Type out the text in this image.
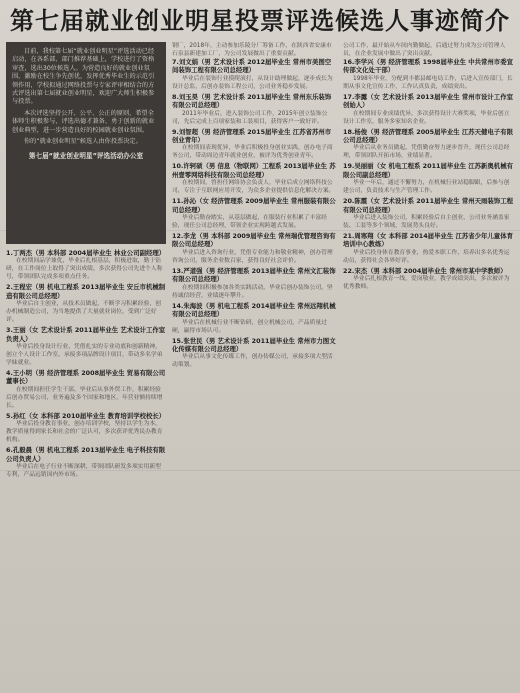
第七届就业创业明星投票评选候选人事迹简介

目前，我校第七届“就业创业明星”评选活动已经启动，在各系部、部门推荐基础上，学校进行了资格审查，选出30位候选人。为营造良好的就业创业氛围，激励在校生争先创优，发挥优秀毕业生的示范引领作用，学校拟通过网络投票与专家评审相结合的方式评选出第七届就业创业明星，欢迎广大师生积极参与投票。

本次评选坚持公开、公平、公正的原则，希望全体师生积极参与，评选出德才兼备、勇于创新的就业创业典型，进一步营造良好的校园就业创业氛围。

你的“就业创业明星”候选人由你投票决定。

第七届“就业创业明星”评选活动办公室
1.丁两杰（男 本科部 2004届毕业生 林业公司副经理）
在校期间品学兼优，毕业后扎根基层，积极进取，勤于钻研，在工作岗位上取得了突出成绩，多次获得公司先进个人称号，带领团队完成多项重点任务。
2.王程宏（男 机电工程系 2013届毕业生 安丘市机械制造有限公司总经理）
毕业后自主创业，从技术员做起，不断学习积累经验，创办机械制造公司，为当地提供了大量就业岗位，受到广泛好评。
3.王丽（女 艺术设计系 2011届毕业生 艺术设计工作室负责人）
毕业后投身设计行业，凭借扎实的专业功底和创新精神，创立个人设计工作室，承接多项品牌设计项目，带动多名学弟学妹就业。
4.王小明（男 经济管理系 2008届毕业生 贸易有限公司董事长）
在校期间担任学生干部，毕业后从事外贸工作，积累经验后创办贸易公司，业务遍及多个国家和地区，年营业额持续增长。
5.孙红（女 本科部 2010届毕业生 教育培训学校校长）
毕业后投身教育事业，创办培训学校，坚持以学生为本，教学质量得到家长和社会的广泛认可，多次获评优秀民办教育机构。
6.孔毅晨（男 机电工程系 2013届毕业生 电子科技有限公司负责人）
毕业后在电子行业不断深耕，带领团队研发多项实用新型专利，产品远销国内外市场。
钢厂，2018年，主动参加乐陵分厂筹备工作，在陕西省安康市石泉县新建加工厂，为公司发展做出了重要贡献。
7.刘文娟（男 艺术设计系 2012届毕业生 常州市美图空间装饰工程有限公司总经理）
毕业后在装饰行业摸爬滚打，从设计助理做起，逐步成长为设计总监，后创办装饰工程公司，公司业务稳步发展。
8.刘玉昊（男 艺术设计系 2011届毕业生 常州东乐装饰有限公司总经理）
2011年毕业后，进入装饰公司工作，2015年创立装饰公司，先后完成上百项家装和工装项目，获得客户一致好评。
9.刘智超（男 经济管理系 2015届毕业生 江苏省苏州市创业青年）
在校期间表现优异，毕业后积极投身创业实践，创办电子商务公司，带动周边青年就业创业，被评为优秀创业青年。
10.许轲硕（男 信息（物联网）工程系 2013届毕业生 苏州壹零网络科技有限公司总经理）
在校期间，曾担任网络协会负责人，毕业后成立网络科技公司，专注于互联网应用开发，为众多企业提供信息化解决方案。
11.孙沁（女 经济管理系 2009届毕业生 常州服装有限公司总经理）
毕业后勤奋踏实，从基层做起，在服装行业积累了丰富经验，现任公司总经理，带领企业实现跨越式发展。
12.李龙（男 本科部 2009届毕业生 常州瑞优管理咨询有限公司总经理）
毕业后进入咨询行业，凭借专业能力和敬业精神，创办管理咨询公司，服务企业数百家，获得良好社会评价。
13.严道强（男 经济管理系 2013届毕业生 常州文汇装饰有限公司总经理）
在校期间积极参加各类实践活动，毕业后创办装饰公司，坚持诚信经营，业绩逐年攀升。
14.朱海波（男 机电工程系 2014届毕业生 常州远翔机械有限公司总经理）
毕业后在机械行业不断钻研，创立机械公司，产品质量过硬，赢得市场认可。
15.张世民（男 艺术设计系 2011届毕业生 常州市力图文化传媒有限公司总经理）
毕业后从事文化传媒工作，创办传媒公司，承接多项大型活动策划。
公司工作，最开始从车间内勤做起，后通过努力成为公司管理人员，在企业发展中做出了突出贡献。
16.李学兴（男 经济管理系 1998届毕业生 中共常州市委宣传部文化处干部）
1998年毕业，分配到丰都县邮电局工作，后进入宣传部门，长期从事文化宣传工作，工作认真负责，成绩突出。
17.李露（女 艺术设计系 2013届毕业生 常州市设计工作室创始人）
在校期间专业成绩优异，多次获得设计大赛奖项，毕业后创立设计工作室，服务多家知名企业。
18.杨俊（男 经济管理系 2005届毕业生 江苏天健电子有限公司总经理）
毕业后从业务员做起，凭借勤奋努力逐步晋升，现任公司总经理，带领团队开拓市场，业绩显著。
19.吴丽丽（女 机电工程系 2011届毕业生 江苏新奥机械有限公司副总经理）
毕业一年后，通过不懈努力，在机械行业站稳脚跟，后参与创建公司，负责技术与生产管理工作。
20.陈霞（女 艺术设计系 2011届毕业生 常州天雨装饰工程有限公司总经理）
毕业后进入装饰公司，积累经验后自主创业，公司业务涵盖家装、工装等多个领域，发展势头良好。
21.周寒翔（女 本科部 2014届毕业生 江苏省少年儿童体育培训中心教练）
毕业后投身体育教育事业，热爱本职工作，培养出多名优秀运动员，获得社会各界好评。
22.宋杰（男 本科部 2004届毕业生 常州市某中学教师）
毕业后扎根教育一线，爱岗敬业，教学成绩突出，多次被评为优秀教师。
